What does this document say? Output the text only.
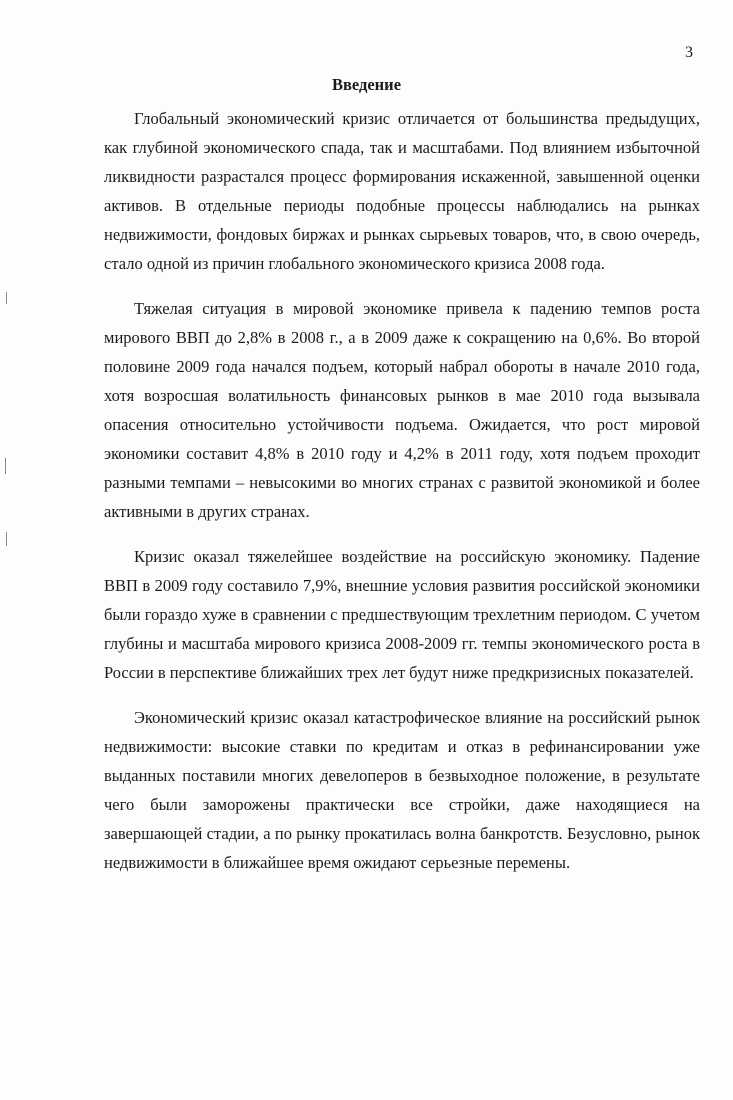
3
Введение

Глобальный экономический кризис отличается от большинства предыдущих, как глубиной экономического спада, так и масштабами. Под влиянием избыточной ликвидности разрастался процесс формирования искаженной, завышенной оценки активов. В отдельные периоды подобные процессы наблюдались на рынках недвижимости, фондовых биржах и рынках сырьевых товаров, что, в свою очередь, стало одной из причин глобального экономического кризиса 2008 года.

Тяжелая ситуация в мировой экономике привела к падению темпов роста мирового ВВП до 2,8% в 2008 г., а в 2009 даже к сокращению на 0,6%. Во второй половине 2009 года начался подъем, который набрал обороты в начале 2010 года, хотя возросшая волатильность финансовых рынков в мае 2010 года вызывала опасения относительно устойчивости подъема. Ожидается, что рост мировой экономики составит 4,8% в 2010 году и 4,2% в 2011 году, хотя подъем проходит разными темпами – невысокими во многих странах с развитой экономикой и более активными в других странах.

Кризис оказал тяжелейшее воздействие на российскую экономику. Падение ВВП в 2009 году составило 7,9%, внешние условия развития российской экономики были гораздо хуже в сравнении с предшествующим трехлетним периодом. С учетом глубины и масштаба мирового кризиса 2008-2009 гг. темпы экономического роста в России в перспективе ближайших трех лет будут ниже предкризисных показателей.

Экономический кризис оказал катастрофическое влияние на российский рынок недвижимости: высокие ставки по кредитам и отказ в рефинансировании уже выданных поставили многих девелоперов в безвыходное положение, в результате чего были заморожены практически все стройки, даже находящиеся на завершающей стадии, а по рынку прокатилась волна банкротств. Безусловно, рынок недвижимости в ближайшее время ожидают серьезные перемены.
